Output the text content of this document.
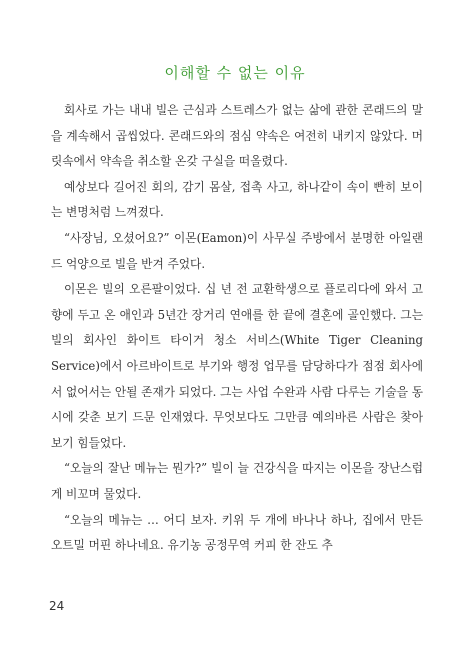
이해할 수 없는 이유

회사로 가는 내내 빌은 근심과 스트레스가 없는 삶에 관한 콘래드의 말을 계속해서 곱씹었다. 콘래드와의 점심 약속은 여전히 내키지 않았다. 머릿속에서 약속을 취소할 온갖 구실을 떠올렸다.

예상보다 길어진 회의, 감기 몸살, 접촉 사고, 하나같이 속이 빤히 보이는 변명처럼 느껴졌다.

“사장님, 오셨어요?” 이몬(Eamon)이 사무실 주방에서 분명한 아일랜드 억양으로 빌을 반겨 주었다.

이몬은 빌의 오른팔이었다. 십 년 전 교환학생으로 플로리다에 와서 고향에 두고 온 애인과 5년간 장거리 연애를 한 끝에 결혼에 골인했다. 그는 빌의 회사인 화이트 타이거 청소 서비스(White Tiger Cleaning Service)에서 아르바이트로 부기와 행정 업무를 담당하다가 점점 회사에서 없어서는 안될 존재가 되었다. 그는 사업 수완과 사람 다루는 기술을 동시에 갖춘 보기 드문 인재였다. 무엇보다도 그만큼 예의바른 사람은 찾아보기 힘들었다.

“오늘의 잘난 메뉴는 뭔가?” 빌이 늘 건강식을 따지는 이몬을 장난스럽게 비꼬며 물었다.

“오늘의 메뉴는 … 어디 보자. 키위 두 개에 바나나 하나, 집에서 만든 오트밀 머핀 하나네요. 유기농 공정무역 커피 한 잔도 추

24
